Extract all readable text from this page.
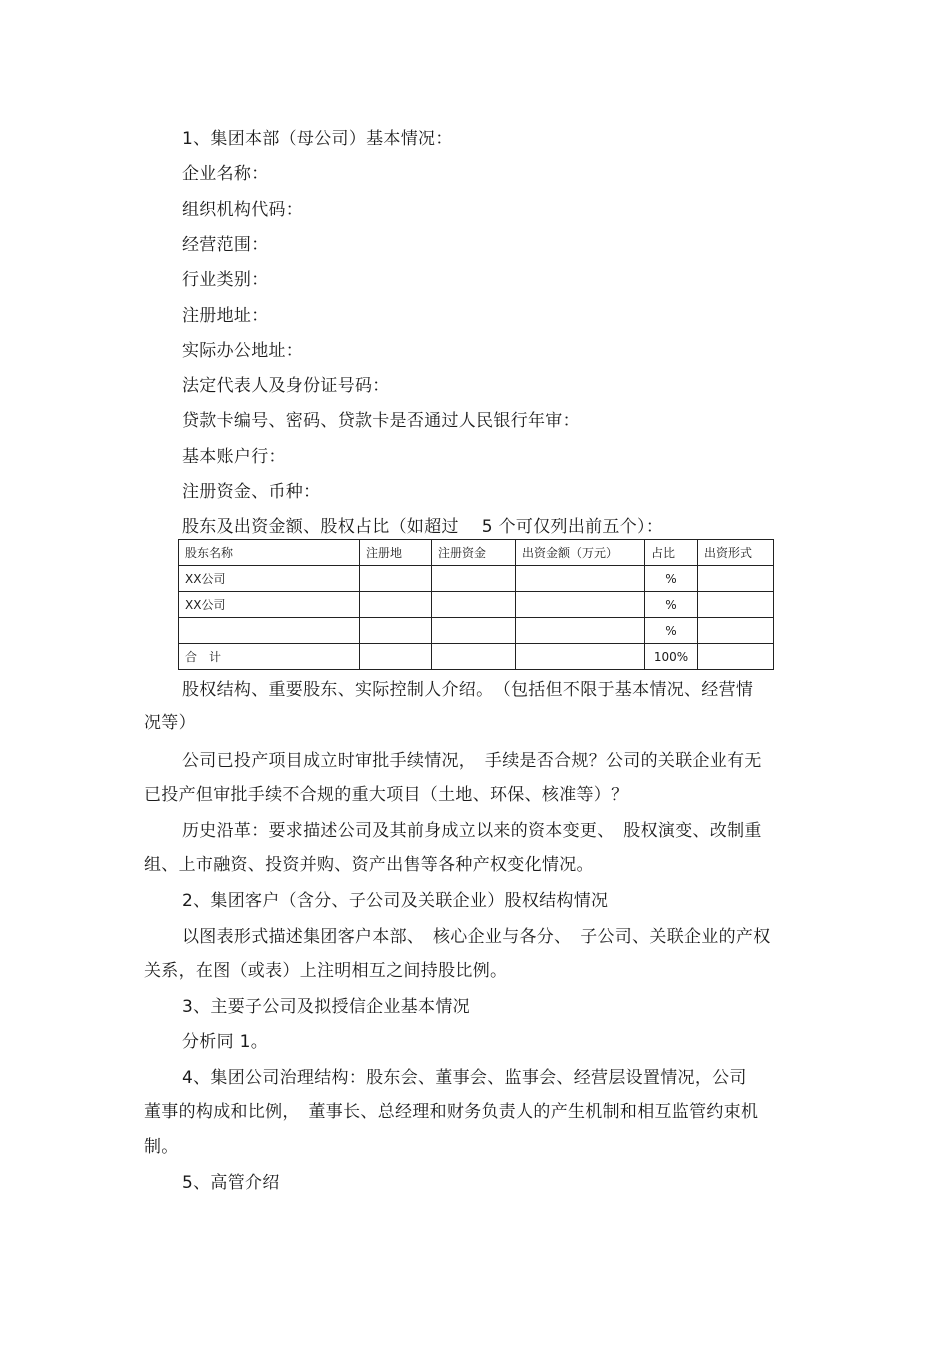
1、集团本部（母公司）基本情况：
企业名称：
组织机构代码：
经营范围：
行业类别：
注册地址：
实际办公地址：
法定代表人及身份证号码：
贷款卡编号、密码、贷款卡是否通过人民银行年审：
基本账户行：
注册资金、币种：
股东及出资金额、股权占比（如超过　 5 个可仅列出前五个）：
股东名称	注册地	注册资金	出资金额（万元）	占比	出资形式
XX公司				%	
XX公司				%	
				%	
合　计				100%	
股权结构、重要股东、实际控制人介绍。　（包括但不限于基本情况、经营情
况等）
公司已投产项目成立时审批手续情况，　手续是否合规？公司的关联企业有无
已投产但审批手续不合规的重大项目（土地、环保、核准等）？
历史沿革：要求描述公司及其前身成立以来的资本变更、　股权演变、改制重
组、上市融资、投资并购、资产出售等各种产权变化情况。
2、集团客户（含分、子公司及关联企业）股权结构情况
以图表形式描述集团客户本部、　核心企业与各分、　子公司、关联企业的产权
关系，在图（或表）上注明相互之间持股比例。
3、主要子公司及拟授信企业基本情况
分析同 1。
4、集团公司治理结构：股东会、董事会、监事会、经营层设置情况，公司
董事的构成和比例，　董事长、总经理和财务负责人的产生机制和相互监管约束机
制。
5、高管介绍
